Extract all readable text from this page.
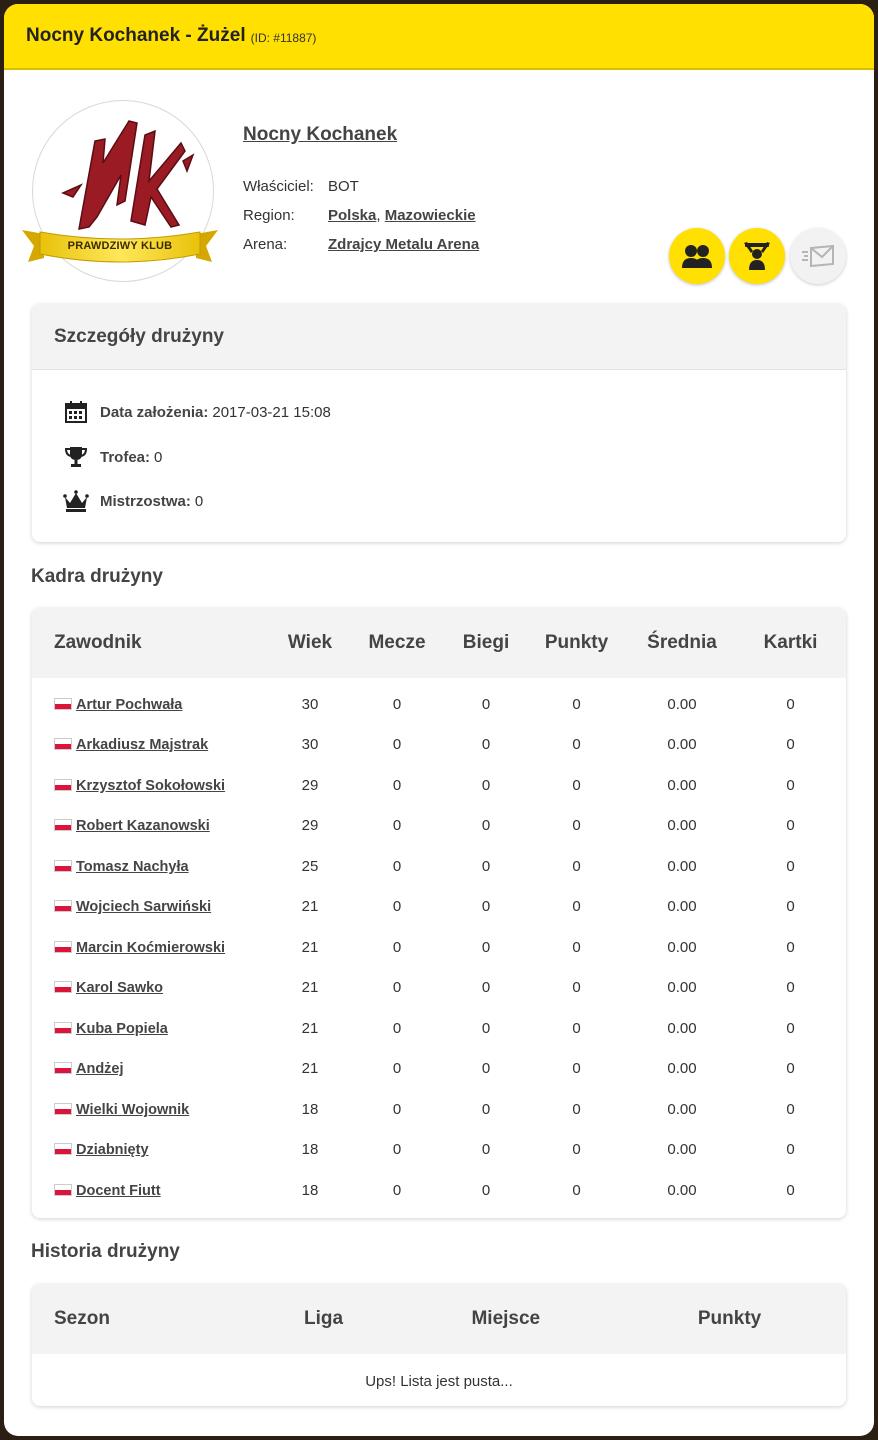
Nocny Kochanek - Żużel (ID: #11887)
PRAWDZIWY KLUB
Nocny Kochanek
Właściciel: BOT
Region:	Polska ,
Mazowieckie
Arena:	Zdrajcy Metalu Arena
Szczegóły drużyny
Data założenia: 2017-03-21 15:08
Trofea: 0
Mistrzostwa: 0
Kadra drużyny
Zawodnik	Wiek	Mecze	Biegi	Punkty	Średnia	Kartki

Artur Pochwała	30	0	0	0	0.00	0
Arkadiusz Majstrak	30	0	0	0	0.00	0
Krzysztof Sokołowski	29	0	0	0	0.00	0
Robert Kazanowski	29	0	0	0	0.00	0
Tomasz Nachyła	25	0	0	0	0.00	0
Wojciech Sarwiński	21	0	0	0	0.00	0
Marcin Koćmierowski	21	0	0	0	0.00	0
Karol Sawko	21	0	0	0	0.00	0
Kuba Popiela	21	0	0	0	0.00	0
Andżej	21	0	0	0	0.00	0
Wielki Wojownik	18	0	0	0	0.00	0
Dziabnięty	18	0	0	0	0.00	0
Docent Fiutt	18	0	0	0	0.00	0
Historia drużyny
Sezon	Liga	Miejsce	Punkty
Ups! Lista jest pusta...
